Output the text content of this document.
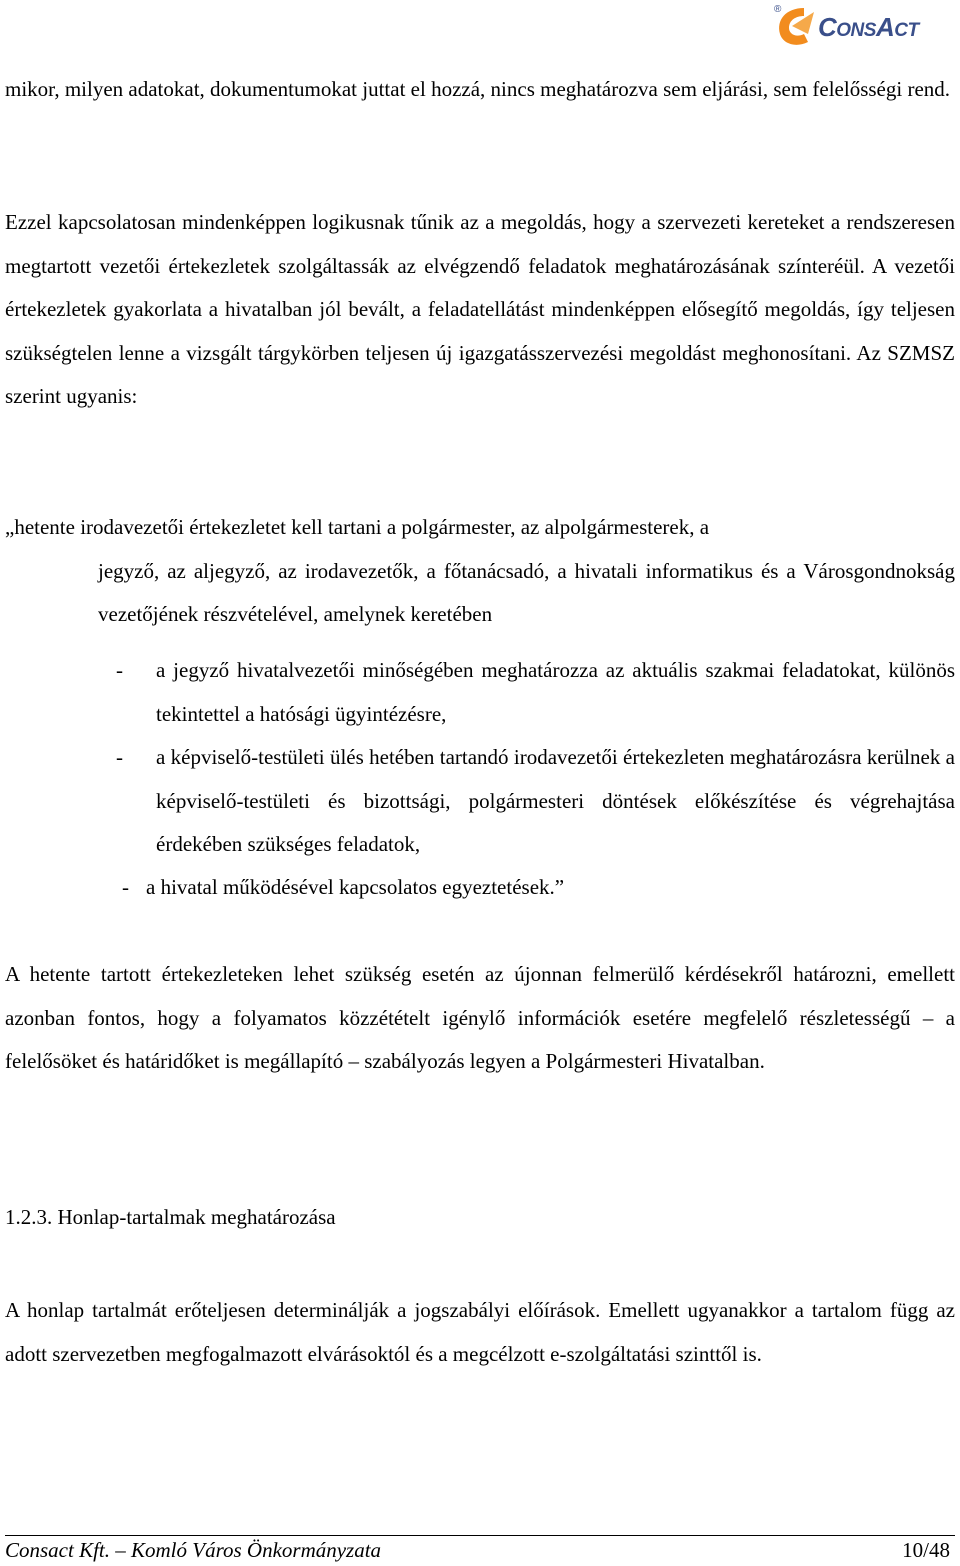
®
CONSACT

mikor, milyen adatokat, dokumentumokat juttat el hozzá, nincs meghatározva sem eljárási, sem felelősségi rend.

Ezzel kapcsolatosan mindenképpen logikusnak tűnik az a megoldás, hogy a szervezeti kereteket a rendszeresen megtartott vezetői értekezletek szolgáltassák az elvégzendő feladatok meghatározásának színteréül. A vezetői értekezletek gyakorlata a hivatalban jól bevált, a feladatellátást mindenképpen elősegítő megoldás, így teljesen szükségtelen lenne a vizsgált tárgykörben teljesen új igazgatásszervezési megoldást meghonosítani. Az SZMSZ szerint ugyanis:

„hetente irodavezetői értekezletet kell tartani a polgármester, az alpolgármesterek, a
jegyző, az aljegyző, az irodavezetők, a főtanácsadó, a hivatali informatikus és a Városgondnokság vezetőjének részvételével, amelynek keretében
- a jegyző hivatalvezetői minőségében meghatározza az aktuális szakmai feladatokat, különös tekintettel a hatósági ügyintézésre,
- a képviselő-testületi ülés hetében tartandó irodavezetői értekezleten meghatározásra kerülnek a képviselő-testületi és bizottsági, polgármesteri döntések előkészítése és végrehajtása érdekében szükséges feladatok,

- a hivatal működésével kapcsolatos egyeztetések.”

A hetente tartott értekezleteken lehet szükség esetén az újonnan felmerülő kérdésekről határozni, emellett azonban fontos, hogy a folyamatos közzétételt igénylő információk esetére megfelelő részletességű – a felelősöket és határidőket is megállapító – szabályozás legyen a Polgármesteri Hivatalban.

1.2.3. Honlap-tartalmak meghatározása

A honlap tartalmát erőteljesen determinálják a jogszabályi előírások. Emellett ugyanakkor a tartalom függ az adott szervezetben megfogalmazott elvárásoktól és a megcélzott e-szolgáltatási szinttől is.

Consact Kft. – Komló Város Önkormányzata	10/48
